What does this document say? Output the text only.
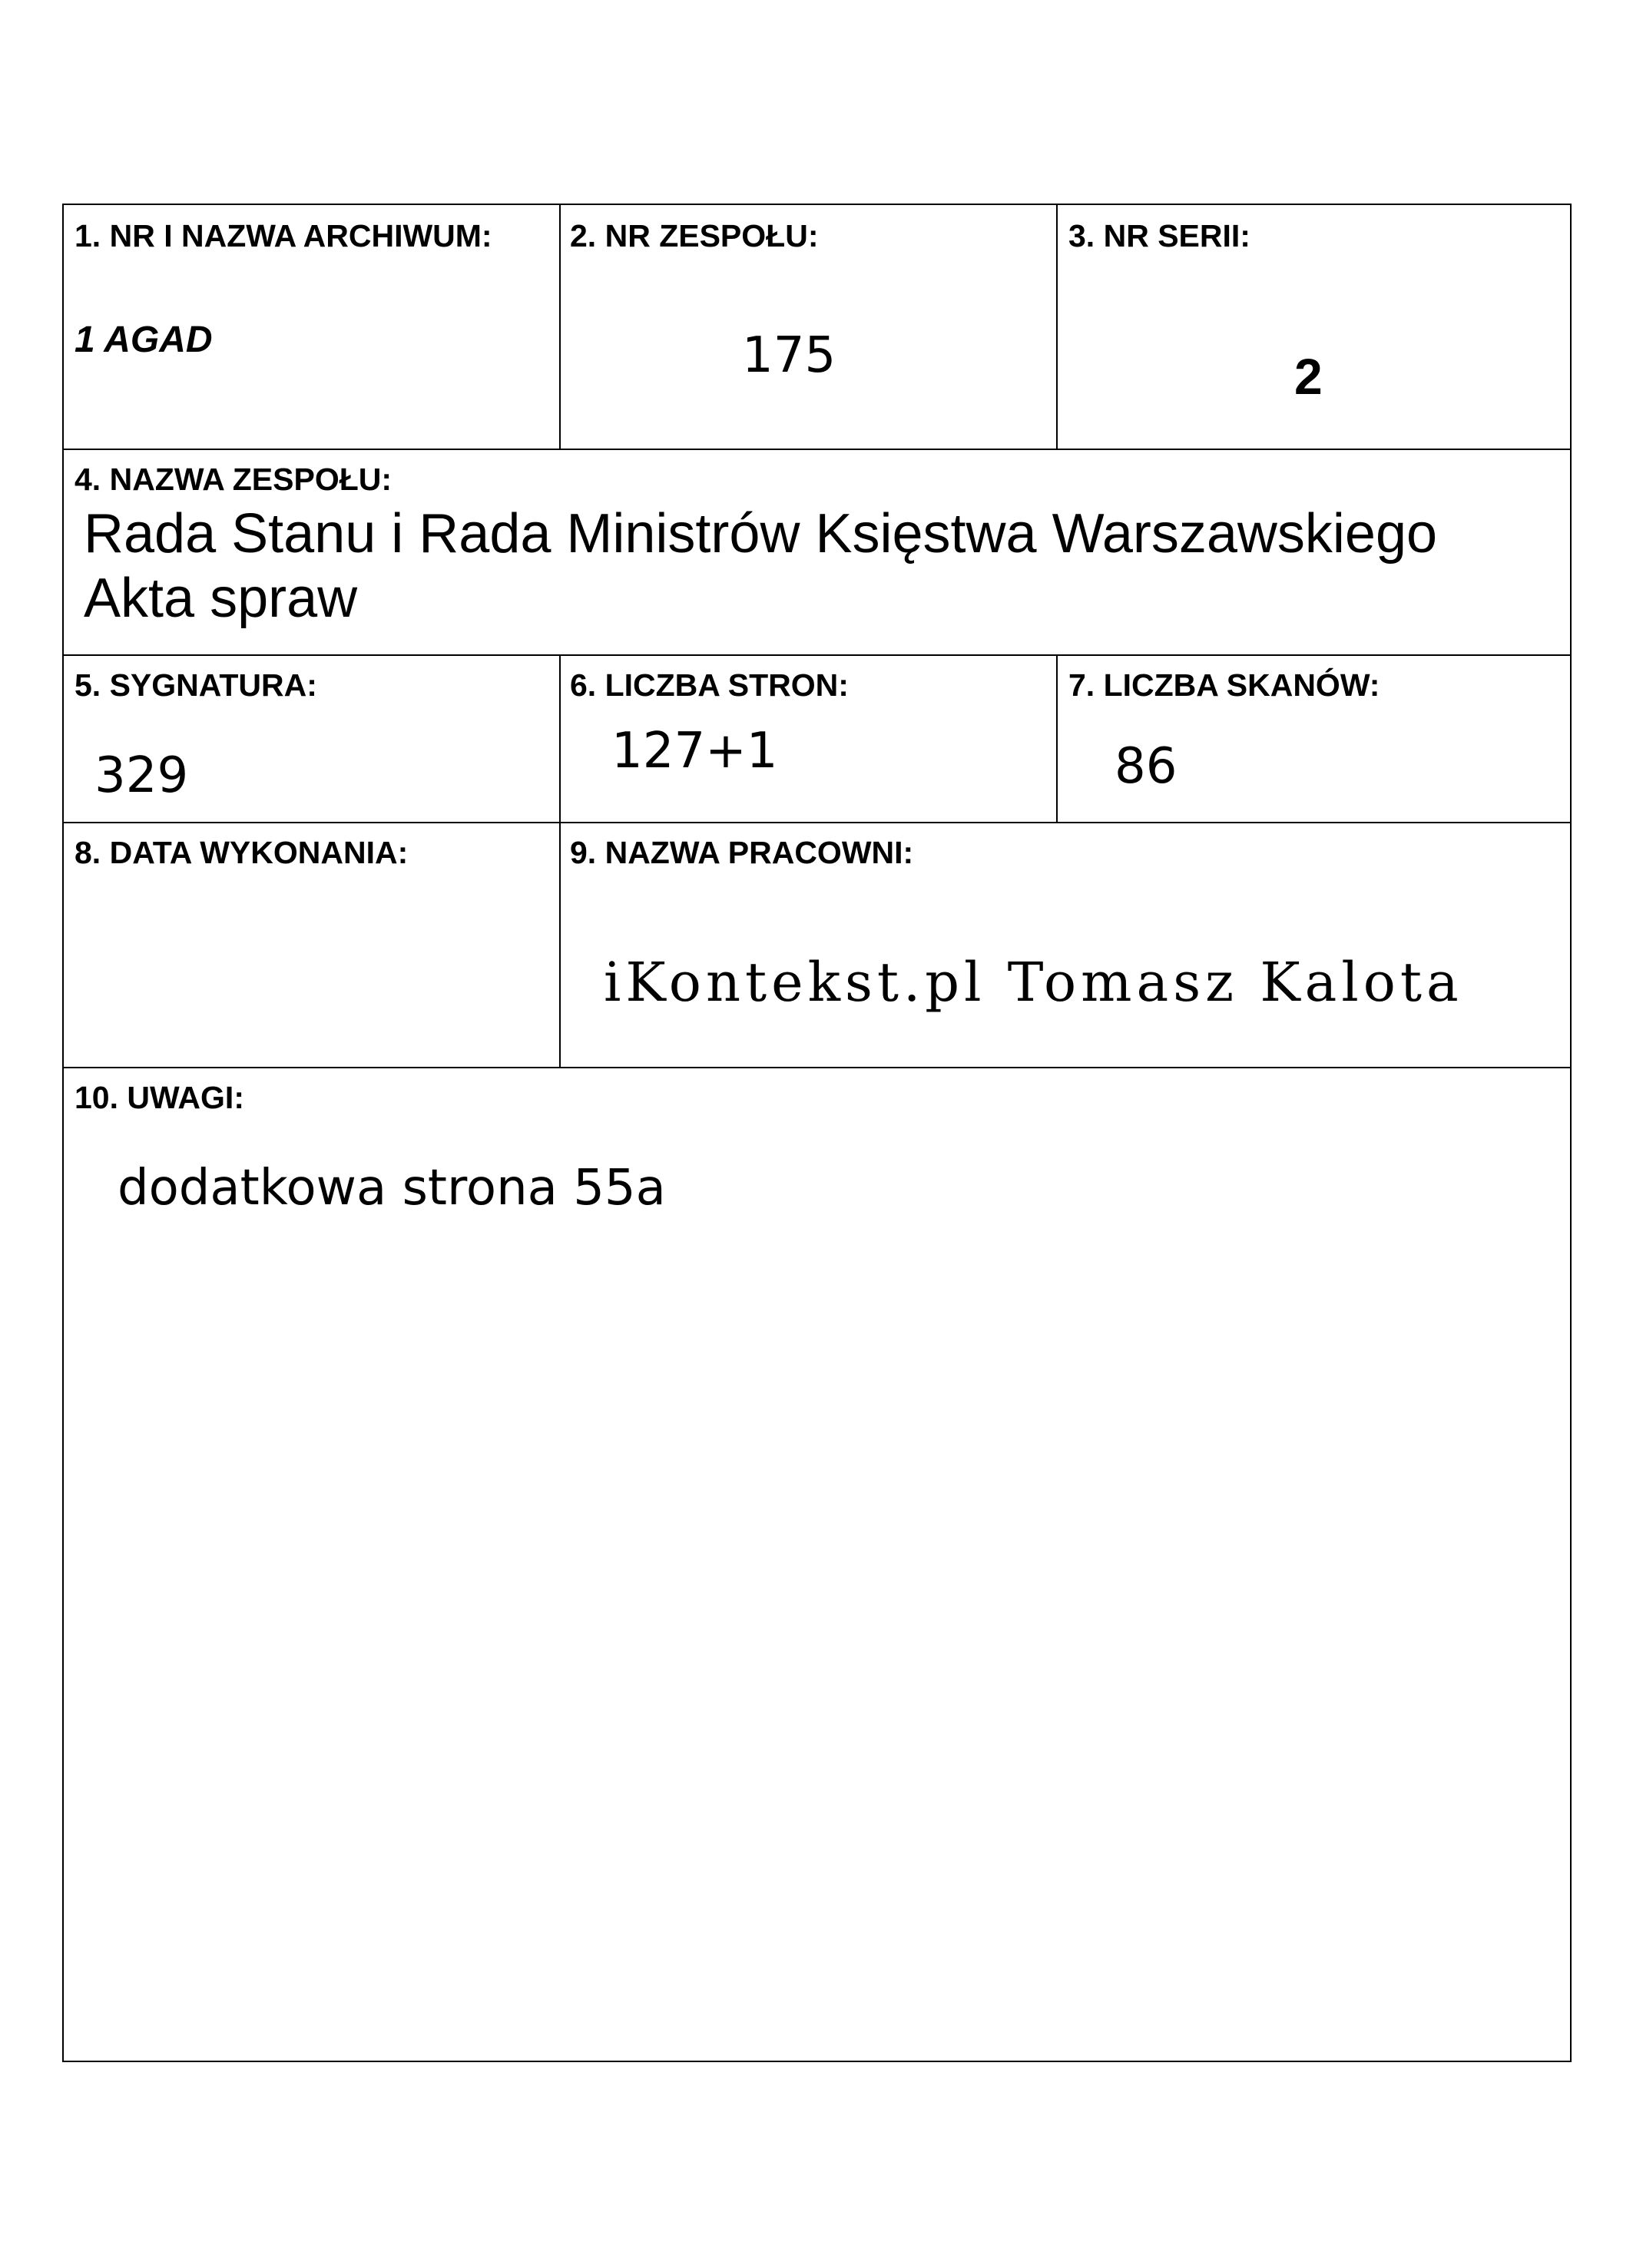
1. NR I NAZWA ARCHIWUM:
1 AGAD
2. NR ZESPOŁU:
175
3. NR SERII:
2
4. NAZWA ZESPOŁU:
Rada Stanu i Rada Ministrów Księstwa Warszawskiego
Akta spraw
5. SYGNATURA:
329
6. LICZBA STRON:
127+1
7. LICZBA SKANÓW:
86
8. DATA WYKONANIA:	9. NAZWA PRACOWNI:
iKontekst.pl Tomasz Kalota
10. UWAGI:
dodatkowa strona 55a
